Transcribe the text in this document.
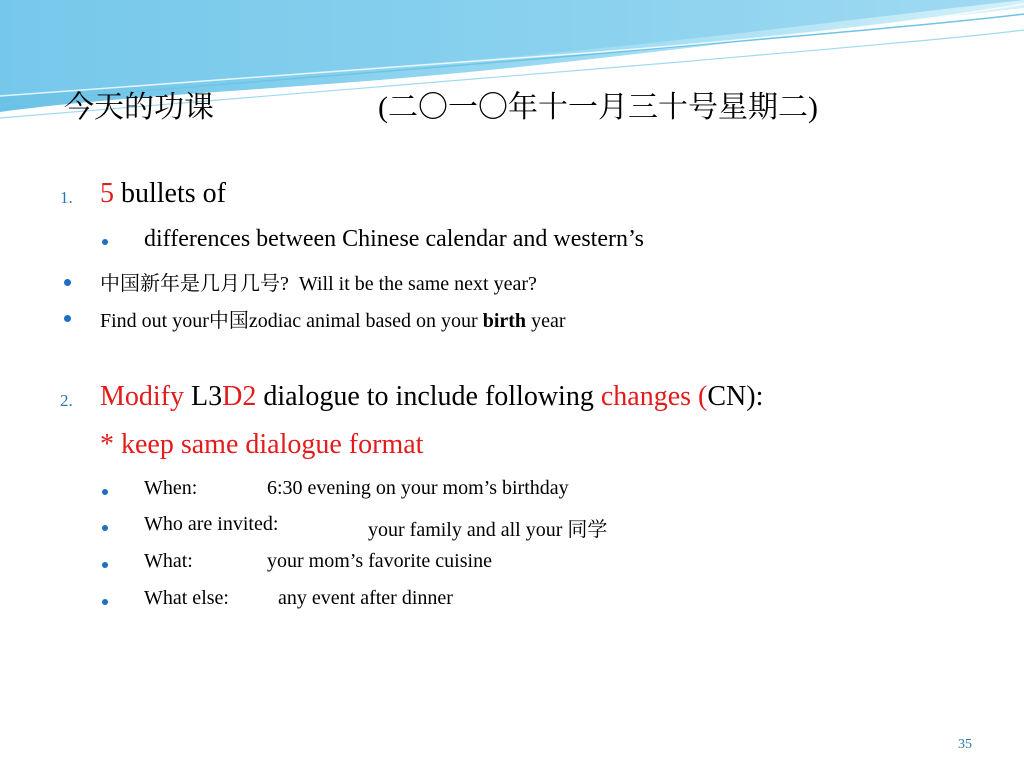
今天的功课	(二〇一〇年十一月三十号星期二)
1. 5 bullets of
differences between Chinese calendar and western’s
中国新年是几月几号? Will it be the same next year?
Find out your中国zodiac animal based on your birth year
2. Modify L3D2 dialogue to include following changes (CN):
* keep same dialogue format
When:	6:30 evening on your mom’s birthday
Who are invited:	your family and all your 同学
What:	your mom’s favorite cuisine
What else: any event after dinner
35
